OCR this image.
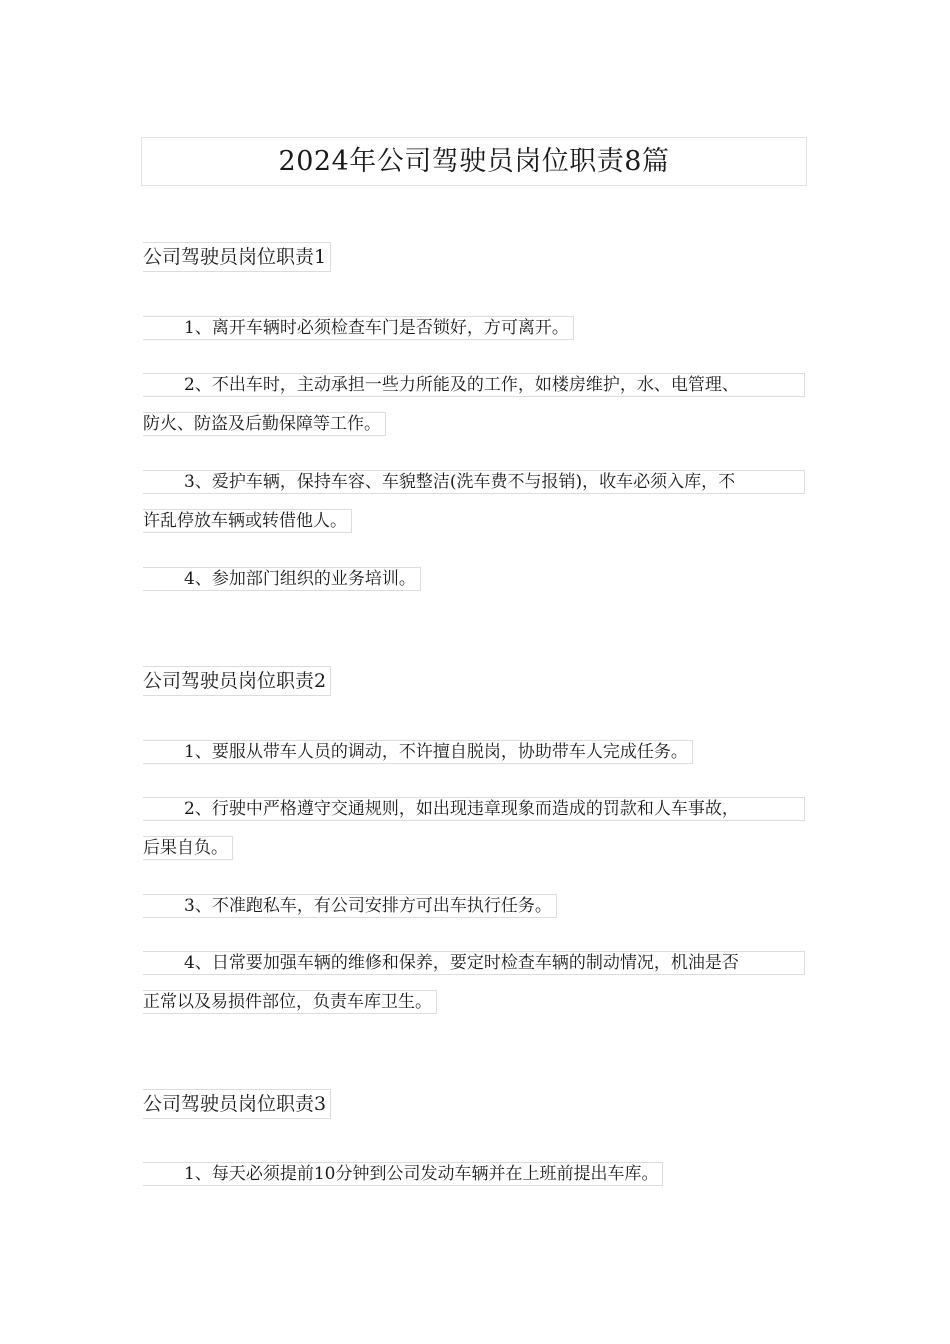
2024年公司驾驶员岗位职责8篇
公司驾驶员岗位职责1
1、离开车辆时必须检查车门是否锁好，方可离开。
2、不出车时，主动承担一些力所能及的工作，如楼房维护，水、电管理、
防火、防盗及后勤保障等工作。
3、爱护车辆，保持车容、车貌整洁(洗车费不与报销)，收车必须入库，不
许乱停放车辆或转借他人。
4、参加部门组织的业务培训。
公司驾驶员岗位职责2
1、要服从带车人员的调动，不许擅自脱岗，协助带车人完成任务。
2、行驶中严格遵守交通规则，如出现违章现象而造成的罚款和人车事故，
后果自负。
3、不准跑私车，有公司安排方可出车执行任务。
4、日常要加强车辆的维修和保养，要定时检查车辆的制动情况，机油是否
正常以及易损件部位，负责车库卫生。
公司驾驶员岗位职责3
1、每天必须提前10分钟到公司发动车辆并在上班前提出车库。
